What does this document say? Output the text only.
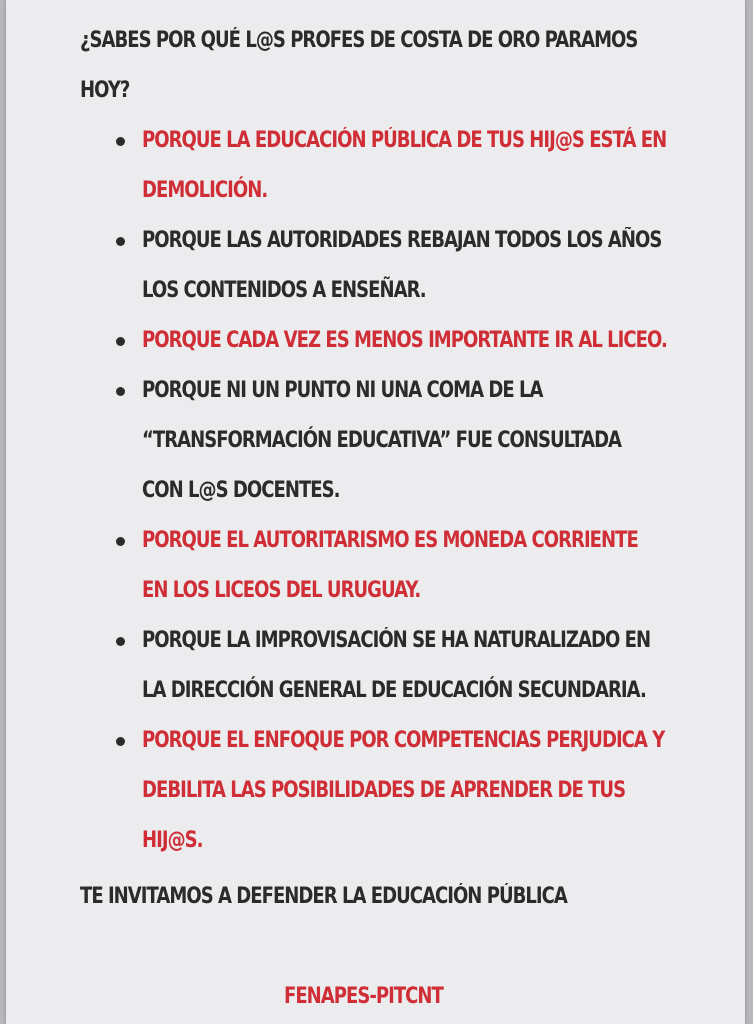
¿SABES POR QUÉ L@S PROFES DE COSTA DE ORO PARAMOS HOY?
PORQUE LA EDUCACIÓN PÚBLICA DE TUS HIJ@S ESTÁ EN DEMOLICIÓN.
PORQUE LAS AUTORIDADES REBAJAN TODOS LOS AÑOS LOS CONTENIDOS A ENSEÑAR.
PORQUE CADA VEZ ES MENOS IMPORTANTE IR AL LICEO.
PORQUE NI UN PUNTO NI UNA COMA DE LA “TRANSFORMACIÓN EDUCATIVA” FUE CONSULTADA CON L@S DOCENTES.
PORQUE EL AUTORITARISMO ES MONEDA CORRIENTE EN LOS LICEOS DEL URUGUAY.
PORQUE LA IMPROVISACIÓN SE HA NATURALIZADO EN LA DIRECCIÓN GENERAL DE EDUCACIÓN SECUNDARIA.
PORQUE EL ENFOQUE POR COMPETENCIAS PERJUDICA Y DEBILITA LAS POSIBILIDADES DE APRENDER DE TUS HIJ@S.
TE INVITAMOS A DEFENDER LA EDUCACIÓN PÚBLICA
FENAPES-PITCNT
